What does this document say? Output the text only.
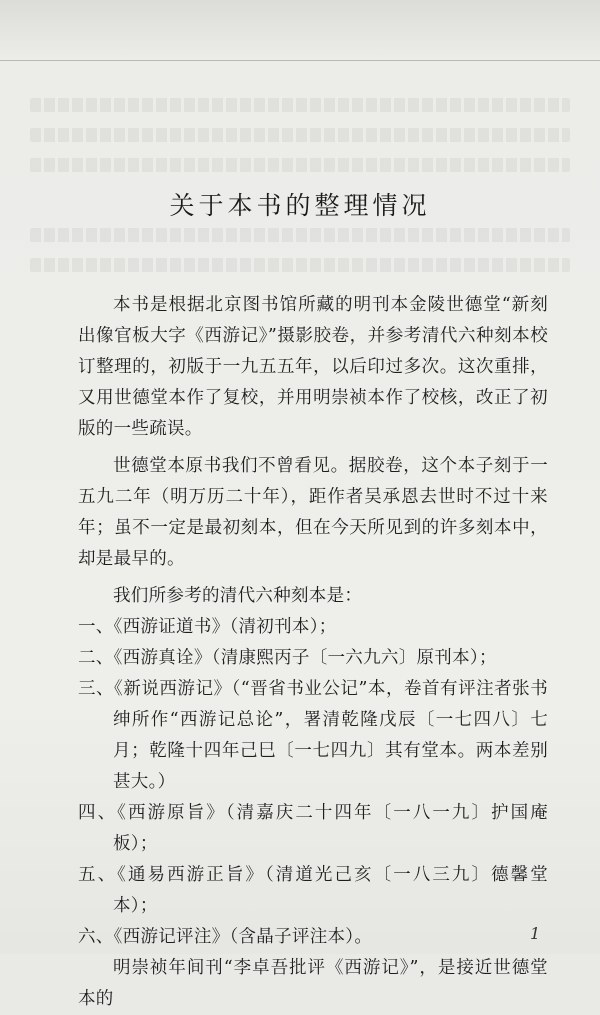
关于本书的整理情况

本书是根据北京图书馆所藏的明刊本金陵世德堂“新刻出像官板大字《西游记》”摄影胶卷，并参考清代六种刻本校订整理的，初版于一九五五年，以后印过多次。这次重排，又用世德堂本作了复校，并用明崇祯本作了校核，改正了初版的一些疏误。

世德堂本原书我们不曾看见。据胶卷，这个本子刻于一五九二年（明万历二十年），距作者吴承恩去世时不过十来年；虽不一定是最初刻本，但在今天所见到的许多刻本中，却是最早的。

我们所参考的清代六种刻本是：

一、《西游证道书》（清初刊本）；
二、《西游真诠》（清康熙丙子〔一六九六〕原刊本）；
三、《新说西游记》（“晋省书业公记”本，卷首有评注者张书绅所作“西游记总论”，署清乾隆戊辰〔一七四八〕七月；乾隆十四年己巳〔一七四九〕其有堂本。两本差别甚大。）
四、《西游原旨》（清嘉庆二十四年〔一八一九〕护国庵板）；
五、《通易西游正旨》（清道光己亥〔一八三九〕德馨堂本）；
六、《西游记评注》（含晶子评注本）。

明崇祯年间刊“李卓吾批评《西游记》”，是接近世德堂本的

1
